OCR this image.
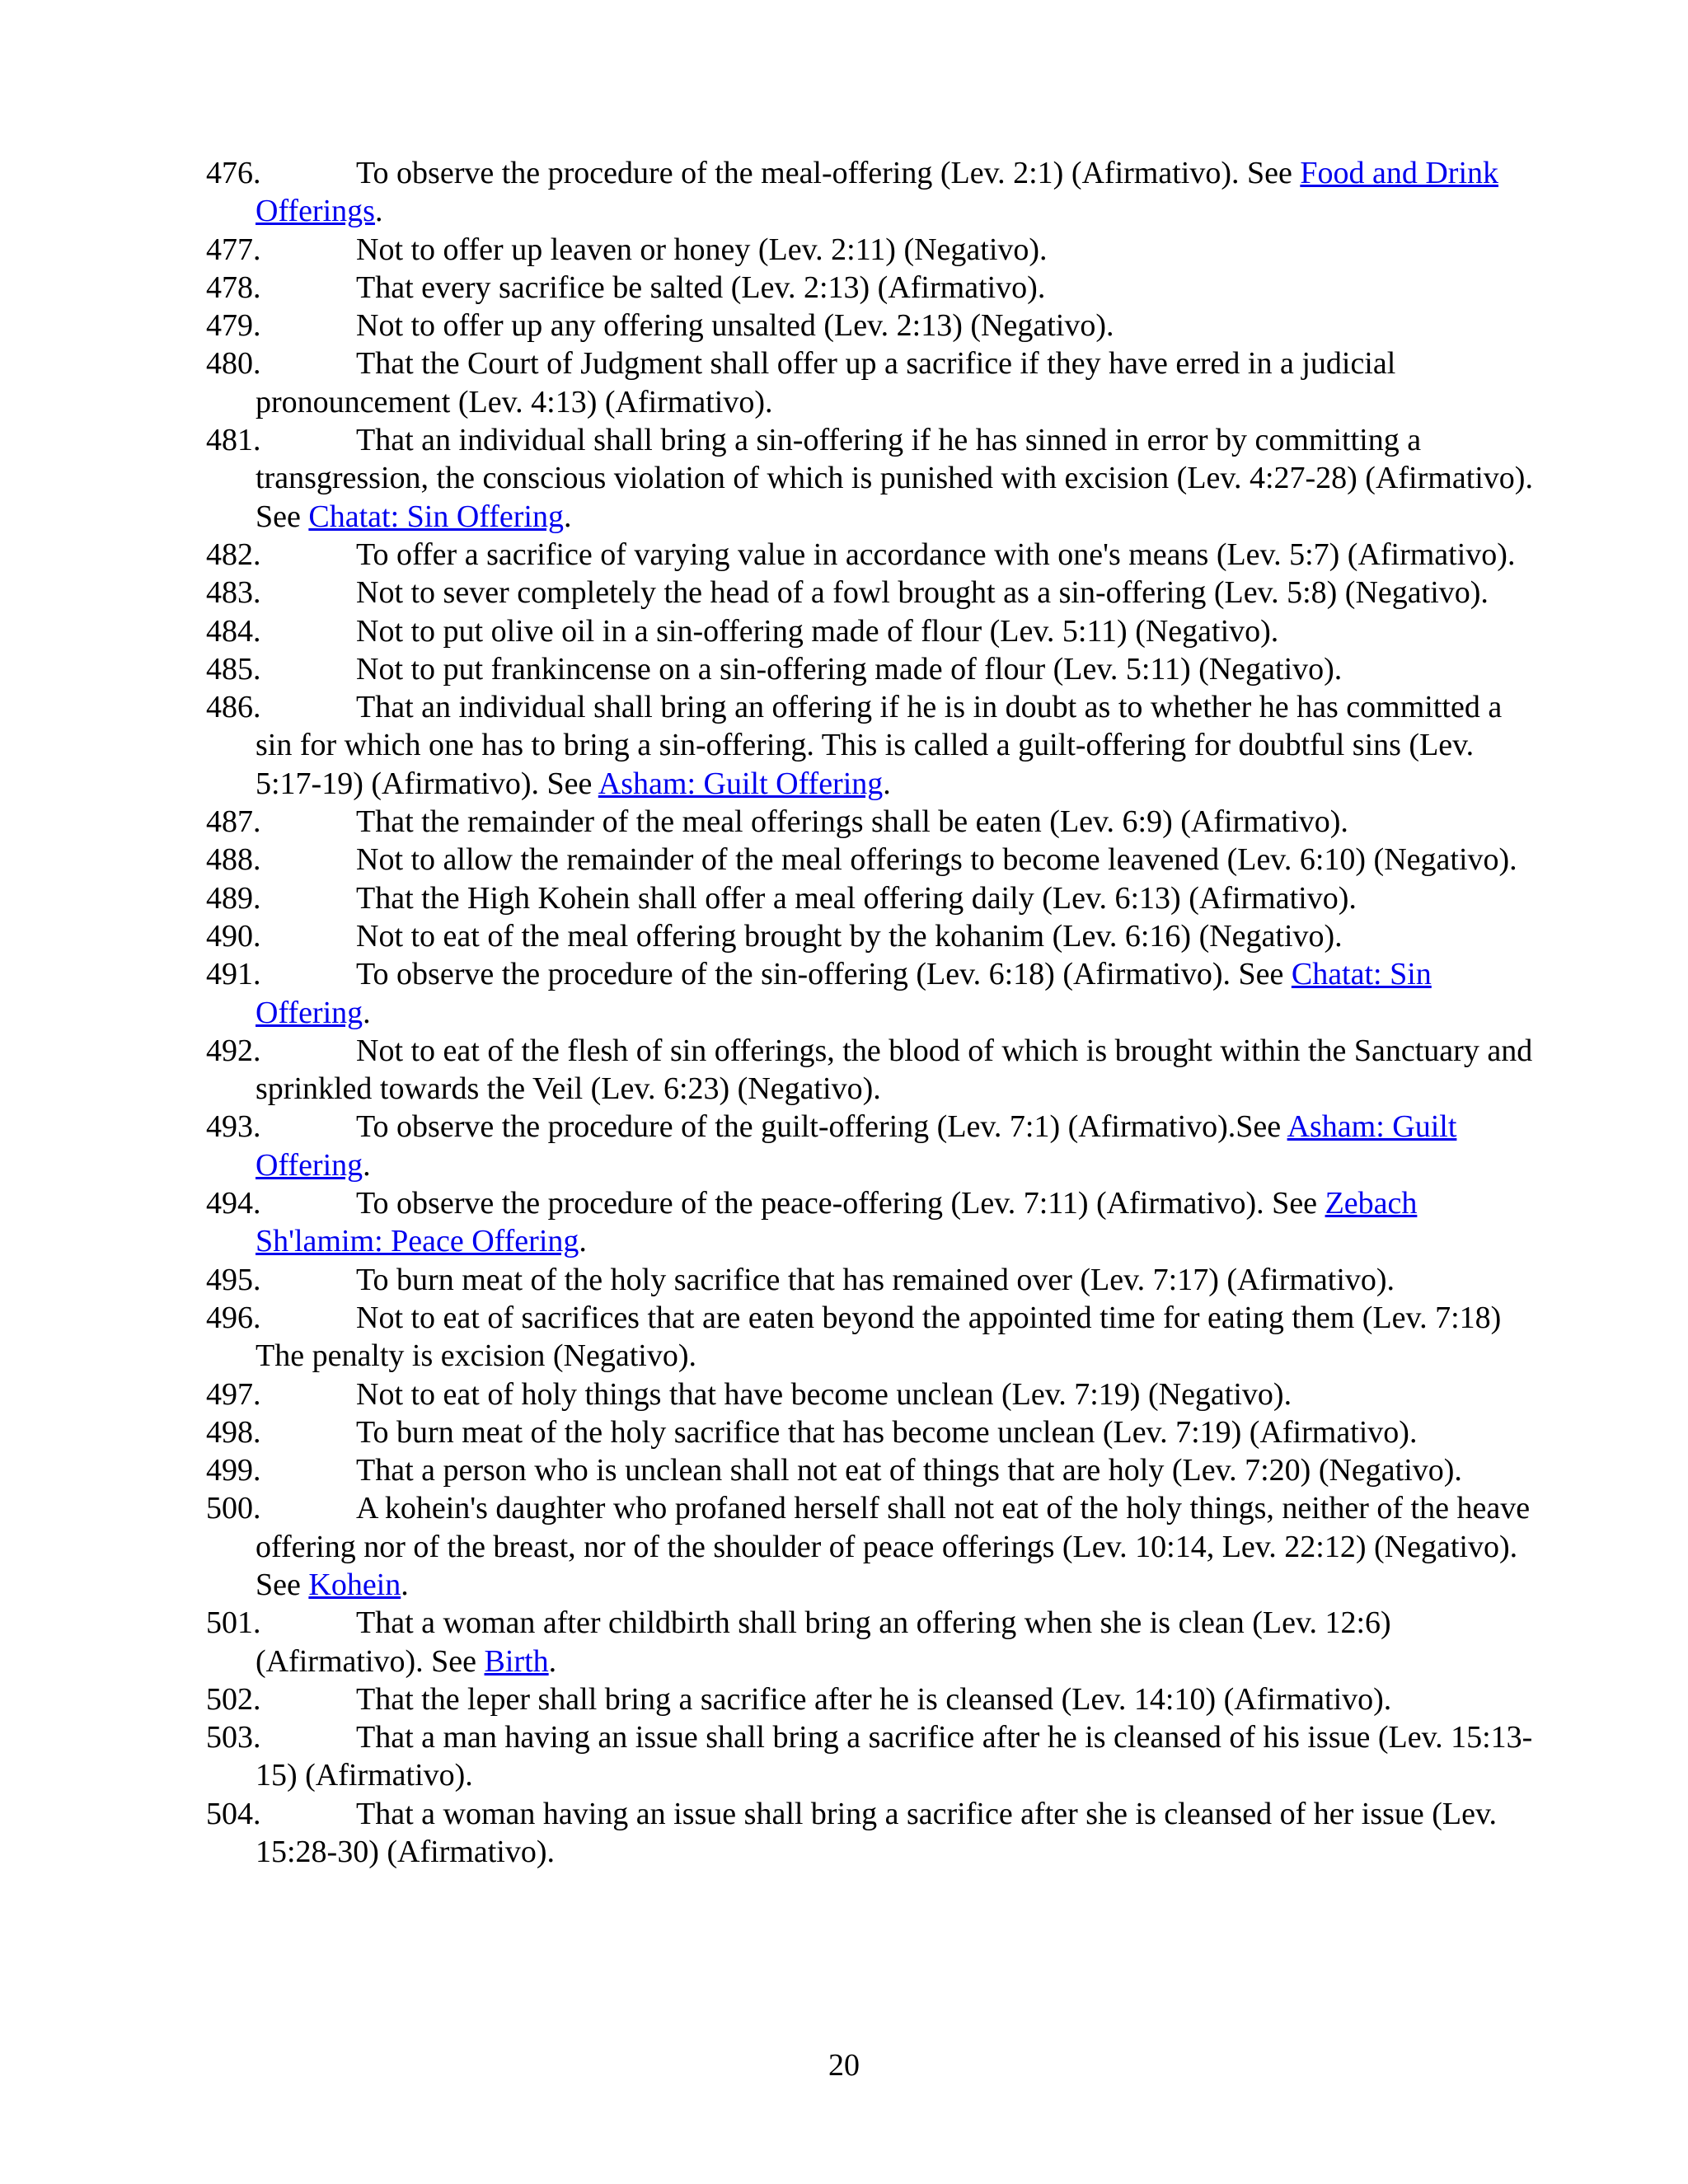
476.	To observe the procedure of the meal-offering (Lev. 2:1) (Afirmativo). See Food and Drink Offerings.

477.	Not to offer up leaven or honey (Lev. 2:11) (Negativo).

478.	That every sacrifice be salted (Lev. 2:13) (Afirmativo).

479.	Not to offer up any offering unsalted (Lev. 2:13) (Negativo).

480.	That the Court of Judgment shall offer up a sacrifice if they have erred in a judicial pronouncement (Lev. 4:13) (Afirmativo).

481.	That an individual shall bring a sin-offering if he has sinned in error by committing a transgression, the conscious violation of which is punished with excision (Lev. 4:27-28) (Afirmativo). See Chatat: Sin Offering.

482.	To offer a sacrifice of varying value in accordance with one's means (Lev. 5:7) (Afirmativo).

483.	Not to sever completely the head of a fowl brought as a sin-offering (Lev. 5:8) (Negativo).

484.	Not to put olive oil in a sin-offering made of flour (Lev. 5:11) (Negativo).

485.	Not to put frankincense on a sin-offering made of flour (Lev. 5:11) (Negativo).

486.	That an individual shall bring an offering if he is in doubt as to whether he has committed a sin for which one has to bring a sin-offering. This is called a guilt-offering for doubtful sins (Lev. 5:17-19) (Afirmativo). See Asham: Guilt Offering.

487.	That the remainder of the meal offerings shall be eaten (Lev. 6:9) (Afirmativo).

488.	Not to allow the remainder of the meal offerings to become leavened (Lev. 6:10) (Negativo).

489.	That the High Kohein shall offer a meal offering daily (Lev. 6:13) (Afirmativo).

490.	Not to eat of the meal offering brought by the kohanim (Lev. 6:16) (Negativo).

491.	To observe the procedure of the sin-offering (Lev. 6:18) (Afirmativo). See Chatat: Sin Offering.

492.	Not to eat of the flesh of sin offerings, the blood of which is brought within the Sanctuary and sprinkled towards the Veil (Lev. 6:23) (Negativo).

493.	To observe the procedure of the guilt-offering (Lev. 7:1) (Afirmativo).See Asham: Guilt Offering.

494.	To observe the procedure of the peace-offering (Lev. 7:11) (Afirmativo). See Zebach Sh'lamim: Peace Offering.

495.	To burn meat of the holy sacrifice that has remained over (Lev. 7:17) (Afirmativo).

496.	Not to eat of sacrifices that are eaten beyond the appointed time for eating them (Lev. 7:18) The penalty is excision (Negativo).

497.	Not to eat of holy things that have become unclean (Lev. 7:19) (Negativo).

498.	To burn meat of the holy sacrifice that has become unclean (Lev. 7:19) (Afirmativo).

499.	That a person who is unclean shall not eat of things that are holy (Lev. 7:20) (Negativo).

500.	A kohein's daughter who profaned herself shall not eat of the holy things, neither of the heave offering nor of the breast, nor of the shoulder of peace offerings (Lev. 10:14, Lev. 22:12) (Negativo). See Kohein.

501.	That a woman after childbirth shall bring an offering when she is clean (Lev. 12:6) (Afirmativo). See Birth.

502.	That the leper shall bring a sacrifice after he is cleansed (Lev. 14:10) (Afirmativo).

503.	That a man having an issue shall bring a sacrifice after he is cleansed of his issue (Lev. 15:13-15) (Afirmativo).

504.	That a woman having an issue shall bring a sacrifice after she is cleansed of her issue (Lev. 15:28-30) (Afirmativo).

20
